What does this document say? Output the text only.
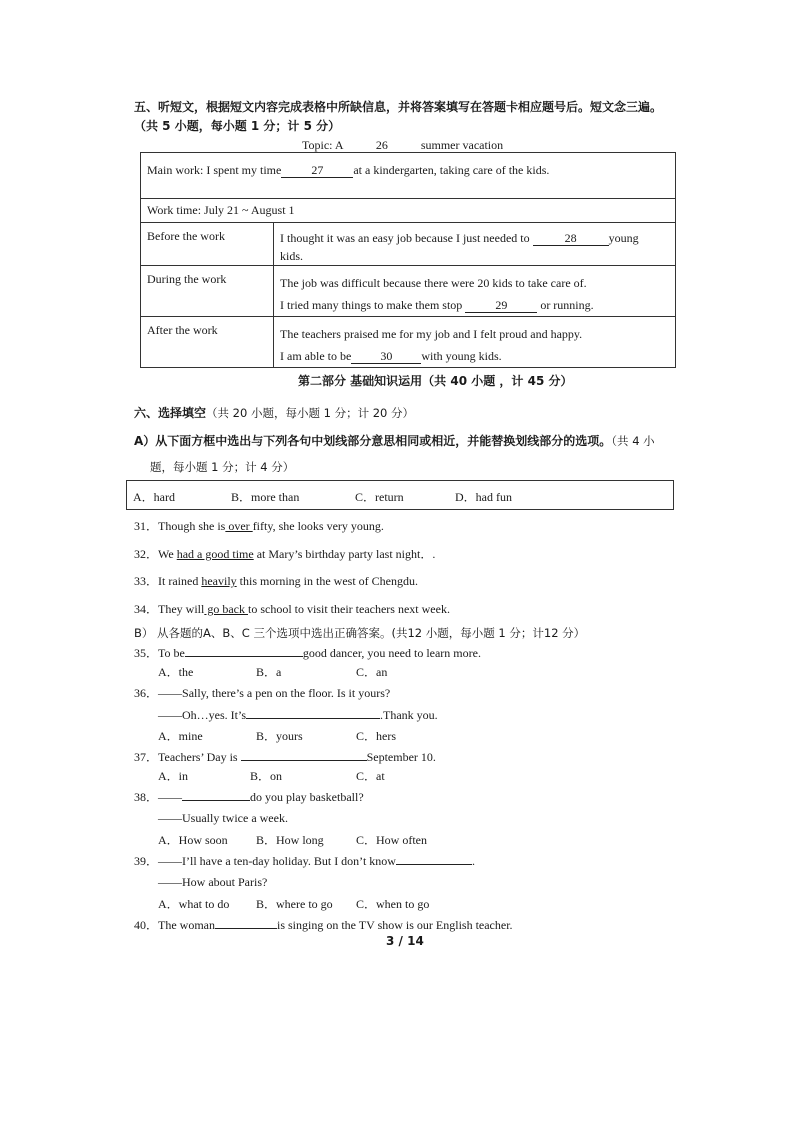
五、听短文，根据短文内容完成表格中所缺信息，并将答案填写在答题卡相应题号后。短文念三遍。
（共 5 小题，每小题 1 分；计 5 分）
Topic: A	26	summer vacation
Main work: I spent my time 27 at a kindergarten, taking care of the kids.	
Work time: July 21 ~ August 1	
Before the work	I thought it was an easy job because I just needed to 28 young
kids.

During the work	The job was difficult because there were 20 kids to take care of.
I tried many things to make them stop 29 or running.
After the work	The teachers praised me for my job and I felt proud and happy.
I am able to be 30 with young kids.
第二部分 基础知识运用（共 40 小题 ，计 45 分）
六、选择填空（共 20 小题，每小题 1 分；计 20 分）
A）从下面方框中选出与下列各句中划线部分意思相同或相近，并能替换划线部分的选项。（共 4 小
题，每小题 1 分；计 4 分）
A．hard	B．more than	C．return	D．had fun
31．Though she is over fifty, she looks very young.
32．We had a good time at Mary’s birthday party last night．.
33．It rained heavily this morning in the west of Chengdu.
34．They will go back to school to visit their teachers next week.
B） 从各题的A、B、C 三个选项中选出正确答案。(共12 小题，每小题 1 分；计12 分）
35．To be	good dancer, you need to learn more.
A．the	B．a	C．an
36．——Sally, there’s a pen on the floor. Is it yours?
——Oh…yes. It’s	.Thank you.
A．mine	B．yours	C．hers
37．Teachers’ Day is	September 10.
A．in	B．on	C．at
38．——	do you play basketball?
——Usually twice a week.
A．How soon B．How long	C．How often
39．——I’ll have a ten-day holiday. But I don’t know	.
——How about Paris?
A．what to do B．where to go C．when to go
40．The woman	is singing on the TV show is our English teacher.
3 / 14
